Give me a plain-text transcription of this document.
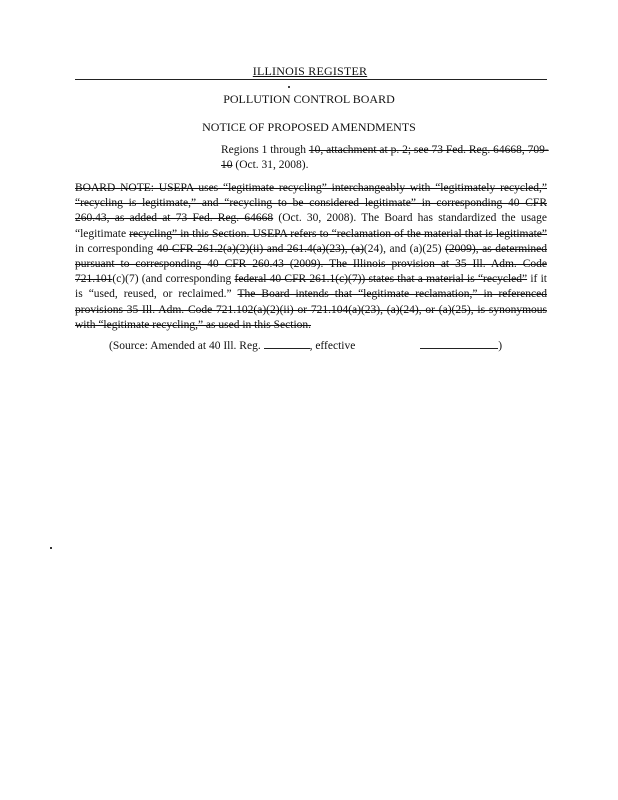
ILLINOIS REGISTER
POLLUTION CONTROL BOARD
NOTICE OF PROPOSED AMENDMENTS
Regions 1 through 10, attachment at p. 2; see 73 Fed. Reg. 64668, 709-10 (Oct. 31, 2008).
BOARD NOTE: USEPA uses “legitimate recycling” interchangeably with “legitimately recycled,” “recycling is legitimate,” and “recycling to be considered legitimate” in corresponding 40 CFR 260.43, as added at 73 Fed. Reg. 64668 (Oct. 30, 2008). The Board has standardized the usage “legitimate recycling” in this Section. USEPA refers to “reclamation of the material that is legitimate” in corresponding 40 CFR 261.2(a)(2)(ii) and 261.4(a)(23), (a)(24), and (a)(25) (2009), as determined pursuant to corresponding 40 CFR 260.43 (2009). The Illinois provision at 35 Ill. Adm. Code 721.101(c)(7) (and corresponding federal 40 CFR 261.1(c)(7)) states that a material is “recycled” if it is “used, reused, or reclaimed.” The Board intends that “legitimate reclamation,” in referenced provisions 35 Ill. Adm. Code 721.102(a)(2)(ii) or 721.104(a)(23), (a)(24), or (a)(25), is synonymous with “legitimate recycling,” as used in this Section.
(Source: Amended at 40 Ill. Reg.	, effective	)
